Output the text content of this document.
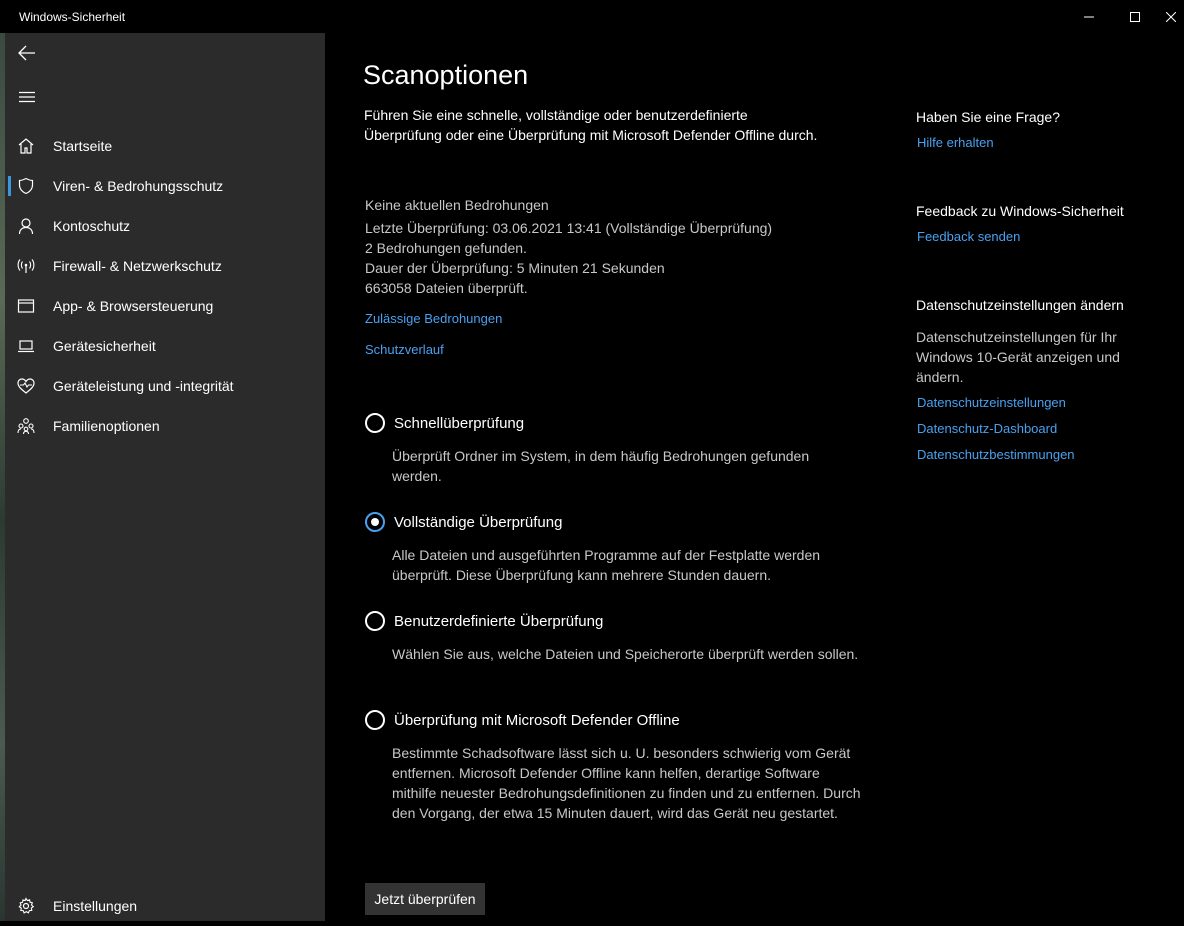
Windows-Sicherheit
Startseite
Viren- & Bedrohungsschutz
Kontoschutz
Firewall- & Netzwerkschutz
App- & Browsersteuerung
Gerätesicherheit
Geräteleistung und -integrität
Familienoptionen
Einstellungen
Scanoptionen
Führen Sie eine schnelle, vollständige oder benutzerdefinierte Überprüfung oder eine Überprüfung mit Microsoft Defender Offline durch.
Keine aktuellen Bedrohungen
Letzte Überprüfung: 03.06.2021 13:41 (Vollständige Überprüfung)
2 Bedrohungen gefunden.
Dauer der Überprüfung: 5 Minuten 21 Sekunden
663058 Dateien überprüft.
Zulässige Bedrohungen
Schutzverlauf
Schnellüberprüfung
Überprüft Ordner im System, in dem häufig Bedrohungen gefunden werden.
Vollständige Überprüfung
Alle Dateien und ausgeführten Programme auf der Festplatte werden überprüft. Diese Überprüfung kann mehrere Stunden dauern.
Benutzerdefinierte Überprüfung
Wählen Sie aus, welche Dateien und Speicherorte überprüft werden sollen.
Überprüfung mit Microsoft Defender Offline
Bestimmte Schadsoftware lässt sich u. U. besonders schwierig vom Gerät entfernen. Microsoft Defender Offline kann helfen, derartige Software mithilfe neuester Bedrohungsdefinitionen zu finden und zu entfernen. Durch den Vorgang, der etwa 15 Minuten dauert, wird das Gerät neu gestartet.
Jetzt überprüfen
Haben Sie eine Frage?
Hilfe erhalten
Feedback zu Windows-Sicherheit
Feedback senden
Datenschutzeinstellungen ändern
Datenschutzeinstellungen für Ihr Windows 10-Gerät anzeigen und ändern.
Datenschutzeinstellungen
Datenschutz-Dashboard
Datenschutzbestimmungen
